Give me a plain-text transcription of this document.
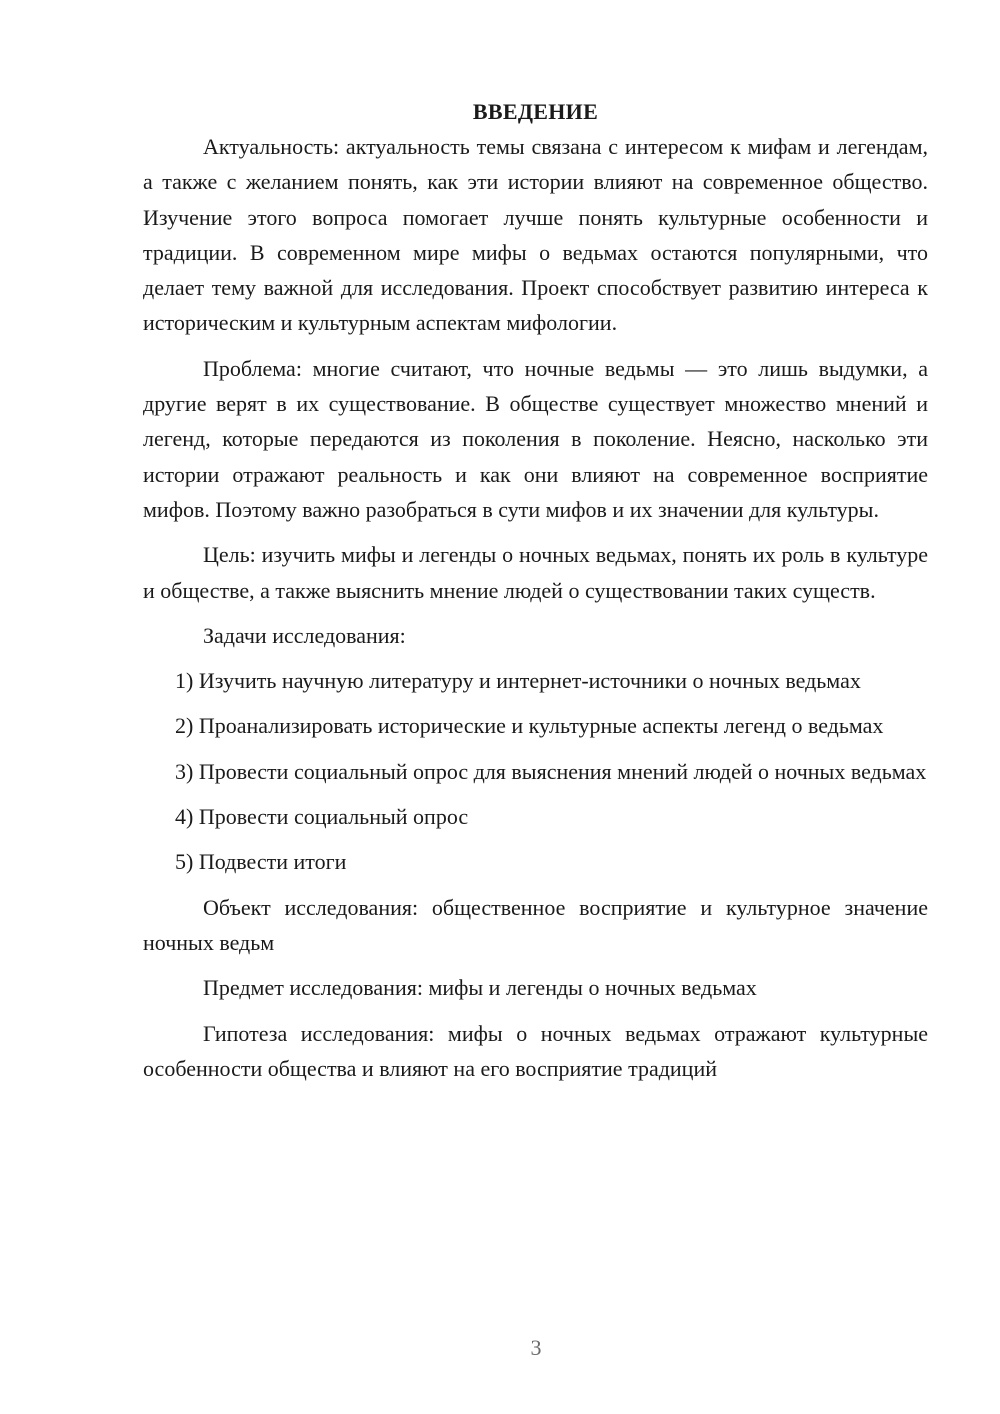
ВВЕДЕНИЕ

Актуальность: актуальность темы связана с интересом к мифам и легендам, а также с желанием понять, как эти истории влияют на современное общество. Изучение этого вопроса помогает лучше понять культурные особенности и традиции. В современном мире мифы о ведьмах остаются популярными, что делает тему важной для исследования. Проект способствует развитию интереса к историческим и культурным аспектам мифологии.

Проблема: многие считают, что ночные ведьмы — это лишь выдумки, а другие верят в их существование. В обществе существует множество мнений и легенд, которые передаются из поколения в поколение. Неясно, насколько эти истории отражают реальность и как они влияют на современное восприятие мифов. Поэтому важно разобраться в сути мифов и их значении для культуры.

Цель: изучить мифы и легенды о ночных ведьмах, понять их роль в культуре и обществе, а также выяснить мнение людей о существовании таких существ.

Задачи исследования:

1) Изучить научную литературу и интернет-источники о ночных ведьмах

2) Проанализировать исторические и культурные аспекты легенд о ведьмах

3) Провести социальный опрос для выяснения мнений людей о ночных ведьмах

4) Провести социальный опрос

5) Подвести итоги

Объект исследования: общественное восприятие и культурное значение ночных ведьм

Предмет исследования: мифы и легенды о ночных ведьмах

Гипотеза исследования: мифы о ночных ведьмах отражают культурные особенности общества и влияют на его восприятие традиций

3
